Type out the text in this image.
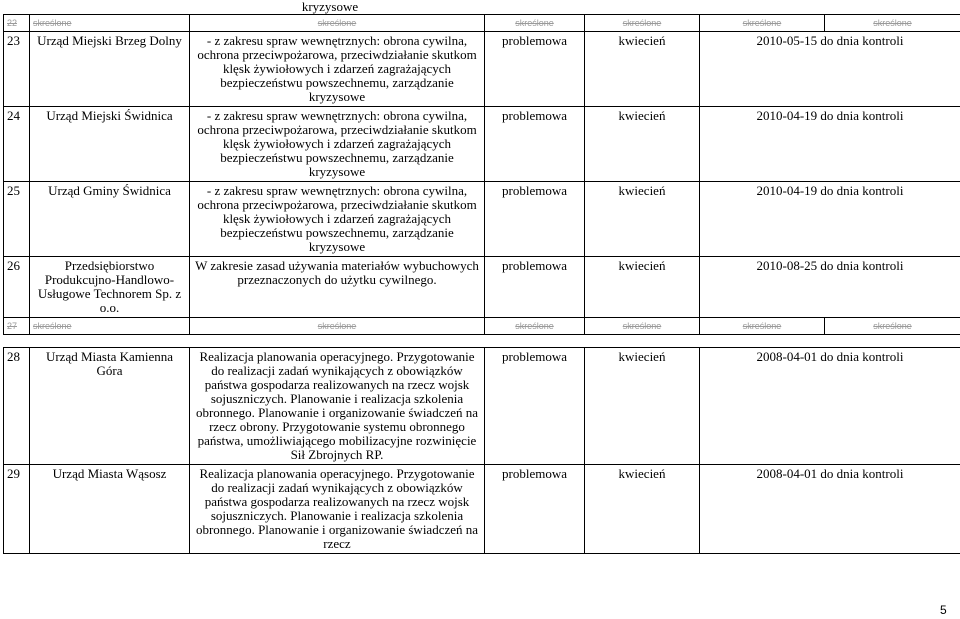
kryzysowe
22	skreślone	skreślone	skreślone	skreślone	skreślone	skreślone
23	Urząd Miejski Brzeg Dolny	- z zakresu spraw wewnętrznych: obrona cywilna, ochrona przeciwpożarowa, przeciwdziałanie skutkom klęsk żywiołowych i zdarzeń zagrażających bezpieczeństwu powszechnemu, zarządzanie kryzysowe	problemowa	kwiecień	2010-05-15 do dnia kontroli	
24	Urząd Miejski Świdnica	- z zakresu spraw wewnętrznych: obrona cywilna, ochrona przeciwpożarowa, przeciwdziałanie skutkom klęsk żywiołowych i zdarzeń zagrażających bezpieczeństwu powszechnemu, zarządzanie kryzysowe	problemowa	kwiecień	2010-04-19 do dnia kontroli	
25	Urząd Gminy Świdnica	- z zakresu spraw wewnętrznych: obrona cywilna, ochrona przeciwpożarowa, przeciwdziałanie skutkom klęsk żywiołowych i zdarzeń zagrażających bezpieczeństwu powszechnemu, zarządzanie kryzysowe	problemowa	kwiecień	2010-04-19 do dnia kontroli	
26	Przedsiębiorstwo Produkcujno-Handlowo-Usługowe Technorem Sp. z o.o.	W zakresie zasad używania materiałów wybuchowych przeznaczonych do użytku cywilnego.	problemowa	kwiecień	2010-08-25 do dnia kontroli	
27	skreślone	skreślone	skreślone	skreślone	skreślone	skreślone
28	Urząd Miasta Kamienna Góra	Realizacja planowania operacyjnego. Przygotowanie do realizacji zadań wynikających z obowiązków państwa gospodarza realizowanych na rzecz wojsk sojuszniczych. Planowanie i realizacja szkolenia obronnego. Planowanie i organizowanie świadczeń na rzecz obrony. Przygotowanie systemu obronnego państwa, umożliwiającego mobilizacyjne rozwinięcie Sił Zbrojnych RP.	problemowa	kwiecień	2008-04-01 do dnia kontroli
29	Urząd Miasta Wąsosz	Realizacja planowania operacyjnego. Przygotowanie do realizacji zadań wynikających z obowiązków państwa gospodarza realizowanych na rzecz wojsk sojuszniczych. Planowanie i realizacja szkolenia obronnego. Planowanie i organizowanie świadczeń na rzecz	problemowa	kwiecień	2008-04-01 do dnia kontroli
5
